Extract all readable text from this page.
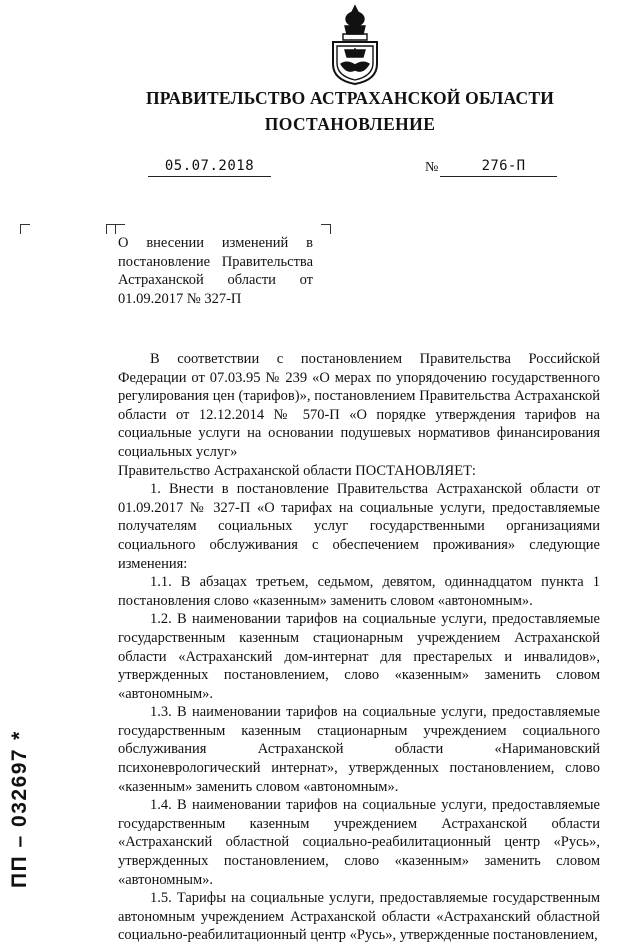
ПРАВИТЕЛЬСТВО АСТРАХАНСКОЙ ОБЛАСТИ
ПОСТАНОВЛЕНИЕ
05.07.2018	№	276-П

О внесении изменений в постановление Правительства Астраханской области от 01.09.2017 № 327-П

В соответствии с постановлением Правительства Российской Федерации от 07.03.95 № 239 «О мерах по упорядочению государственного регулирования цен (тарифов)», постановлением Правительства Астраханской области от 12.12.2014 № 570-П «О порядке утверждения тарифов на социальные услуги на основании подушевых нормативов финансирования социальных услуг»

Правительство Астраханской области ПОСТАНОВЛЯЕТ:

1. Внести в постановление Правительства Астраханской области от 01.09.2017 № 327-П «О тарифах на социальные услуги, предоставляемые получателям социальных услуг государственными организациями социального обслуживания с обеспечением проживания» следующие изменения:

1.1. В абзацах третьем, седьмом, девятом, одиннадцатом пункта 1 постановления слово «казенным» заменить словом «автономным».

1.2. В наименовании тарифов на социальные услуги, предоставляемые государственным казенным стационарным учреждением Астраханской области «Астраханский дом-интернат для престарелых и инвалидов», утвержденных постановлением, слово «казенным» заменить словом «автономным».

1.3. В наименовании тарифов на социальные услуги, предоставляемые государственным казенным стационарным учреждением социального обслуживания Астраханской области «Наримановский психоневрологический интернат», утвержденных постановлением, слово «казенным» заменить словом «автономным».

1.4. В наименовании тарифов на социальные услуги, предоставляемые государственным казенным учреждением Астраханской области «Астраханский областной социально-реабилитационный центр «Русь», утвержденных постановлением, слово «казенным» заменить словом «автономным».

1.5. Тарифы на социальные услуги, предоставляемые государственным автономным учреждением Астраханской области «Астраханский областной социально-реабилитационный центр «Русь», утвержденные постановлением,

ПП – 032697*
